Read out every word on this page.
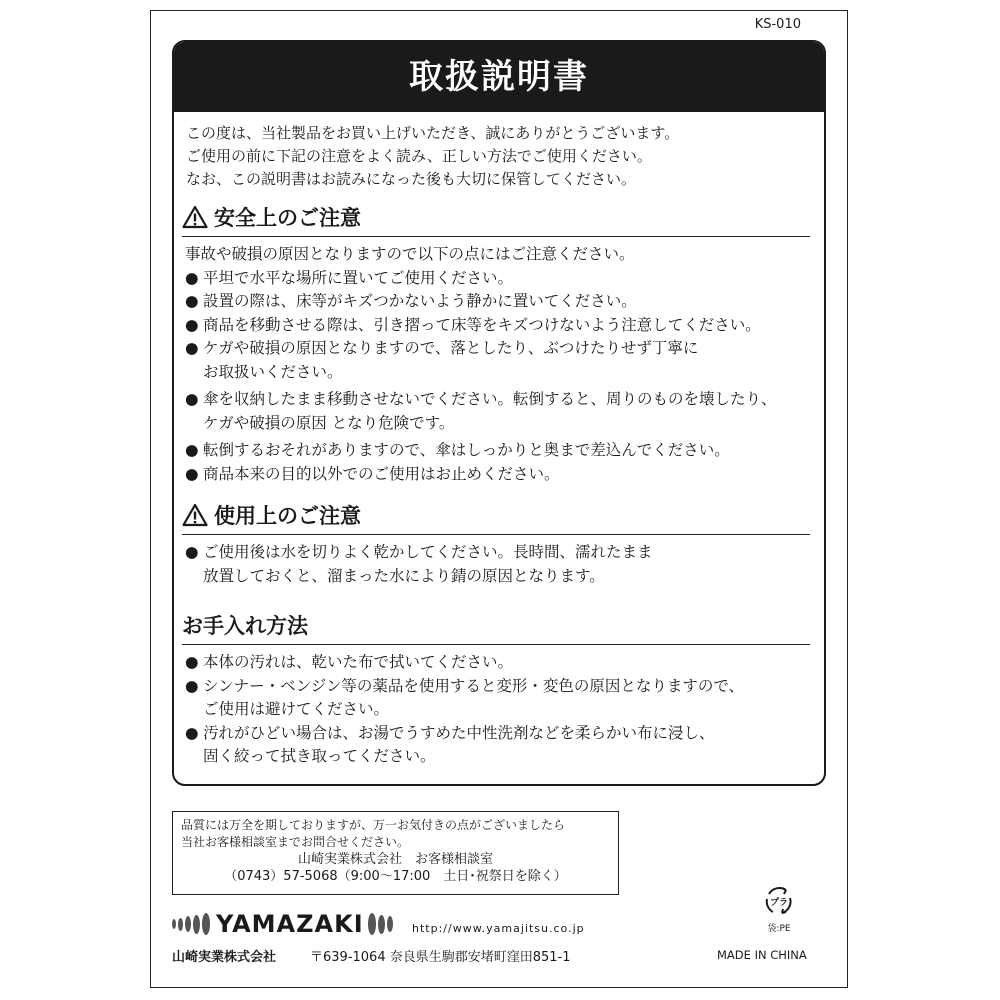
KS-010
取扱説明書

この度は、当社製品をお買い上げいただき、誠にありがとうございます。

ご使用の前に下記の注意をよく読み、正しい方法でご使用ください。

なお、この説明書はお読みになった後も大切に保管してください。

安全上のご注意
事故や破損の原因となりますので以下の点にはご注意ください。
● 平坦で水平な場所に置いてご使用ください。
● 設置の際は、床等がキズつかないよう静かに置いてください。
● 商品を移動させる際は、引き摺って床等をキズつけないよう注意してください。
● ケガや破損の原因となりますので、落としたり、ぶつけたりせず丁寧に
お取扱いください。
● 傘を収納したまま移動させないでください。転倒すると、周りのものを壊したり、
ケガや破損の原因 となり危険です。
● 転倒するおそれがありますので、傘はしっかりと奥まで差込んでください。
● 商品本来の目的以外でのご使用はお止めください。
使用上のご注意
● ご使用後は水を切りよく乾かしてください。長時間、濡れたまま
放置しておくと、溜まった水により錆の原因となります。
お手入れ方法
● 本体の汚れは、乾いた布で拭いてください。
● シンナー・ベンジン等の薬品を使用すると変形・変色の原因となりますので、
ご使用は避けてください。
● 汚れがひどい場合は、お湯でうすめた中性洗剤などを柔らかい布に浸し、
固く絞って拭き取ってください。
品質には万全を期しておりますが、万一お気付きの点がございましたら
当社お客様相談室までお問合せください。
山崎実業株式会社　お客様相談室
（0743）57-5068（9:00〜17:00　土日･祝祭日を除く）
プラ
袋:PE
YAMAZAKI	http://www.yamajitsu.co.jp
山崎実業株式会社	〒639-1064 奈良県生駒郡安堵町窪田851-1	MADE IN CHINA
